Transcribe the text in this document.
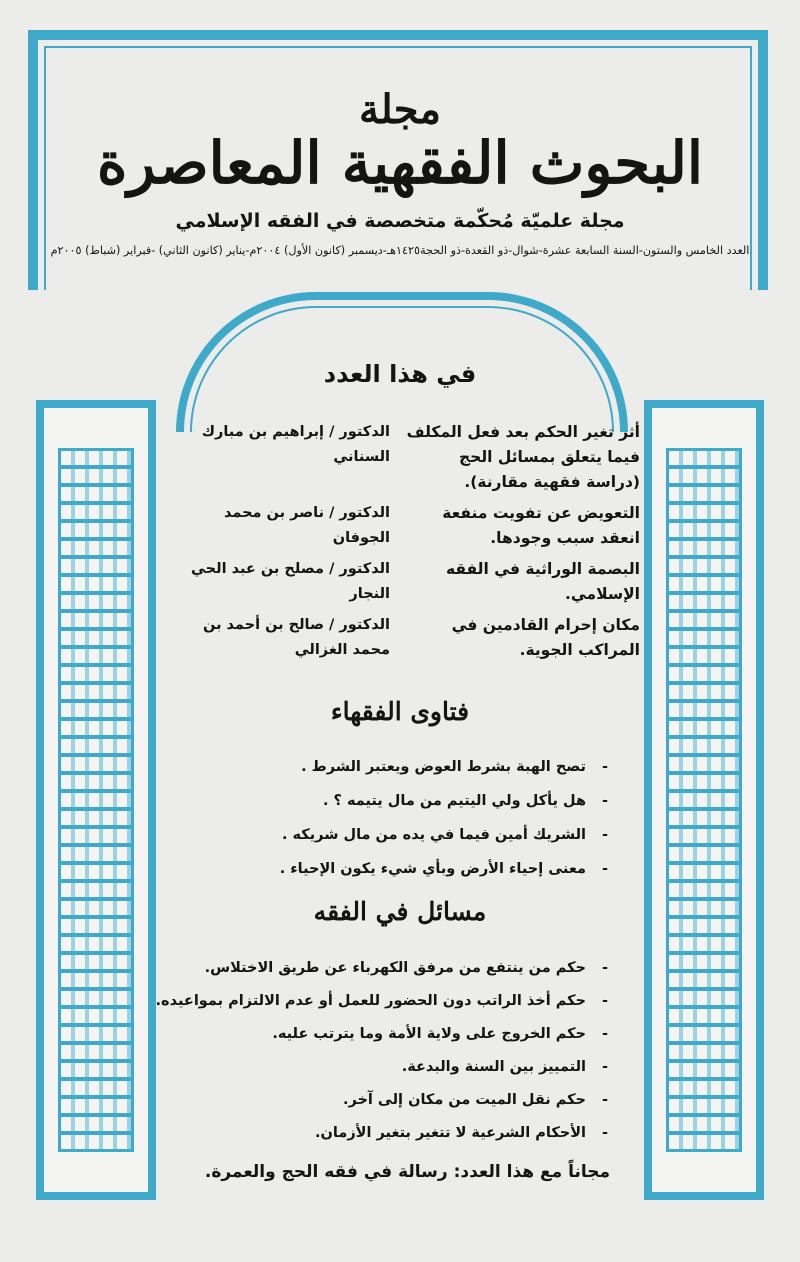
مجلة
البحوث الفقهية المعاصرة
مجلة علميّة مُحكّمة متخصصة في الفقه الإسلامي
العدد الخامس والستون-السنة السابعة عشرة-شوال-ذو القعدة-ذو الحجة١٤٢٥هـ-ديسمبر (كانون الأول) ٢٠٠٤م-يناير (كانون الثاني) -فبراير (شباط) ٢٠٠٥م
في هذا العدد
أثر تغير الحكم بعد فعل المكلف فيما يتعلق بمسائل الحج (دراسة فقهية مقارنة).
الدكتور / إبراهيم بن مبارك السناني
التعويض عن تفويت منفعة انعقد سبب وجودها.
الدكتور / ناصر بن محمد الجوفان
البصمة الوراثية في الفقه الإسلامي.
الدكتور / مصلح بن عبد الحي النجار
مكان إحرام القادمين في المراكب الجوية.
الدكتور / صالح بن أحمد بن محمد الغزالي
فتاوى الفقهاء
-تصح الهبة بشرط العوض ويعتبر الشرط .
-هل يأكل ولي اليتيم من مال يتيمه ؟ .
-الشريك أمين فيما في يده من مال شريكه .
-معنى إحياء الأرض وبأي شيء يكون الإحياء .
مسائل في الفقه
-حكم من ينتفع من مرفق الكهرباء عن طريق الاختلاس.
-حكم أخذ الراتب دون الحضور للعمل أو عدم الالتزام بمواعيده.
-حكم الخروج على ولاية الأمة وما يترتب عليه.
-التمييز بين السنة والبدعة.
-حكم نقل الميت من مكان إلى آخر.
-الأحكام الشرعية لا تتغير بتغير الأزمان.
مجاناً مع هذا العدد: رسالة في فقه الحج والعمرة.
